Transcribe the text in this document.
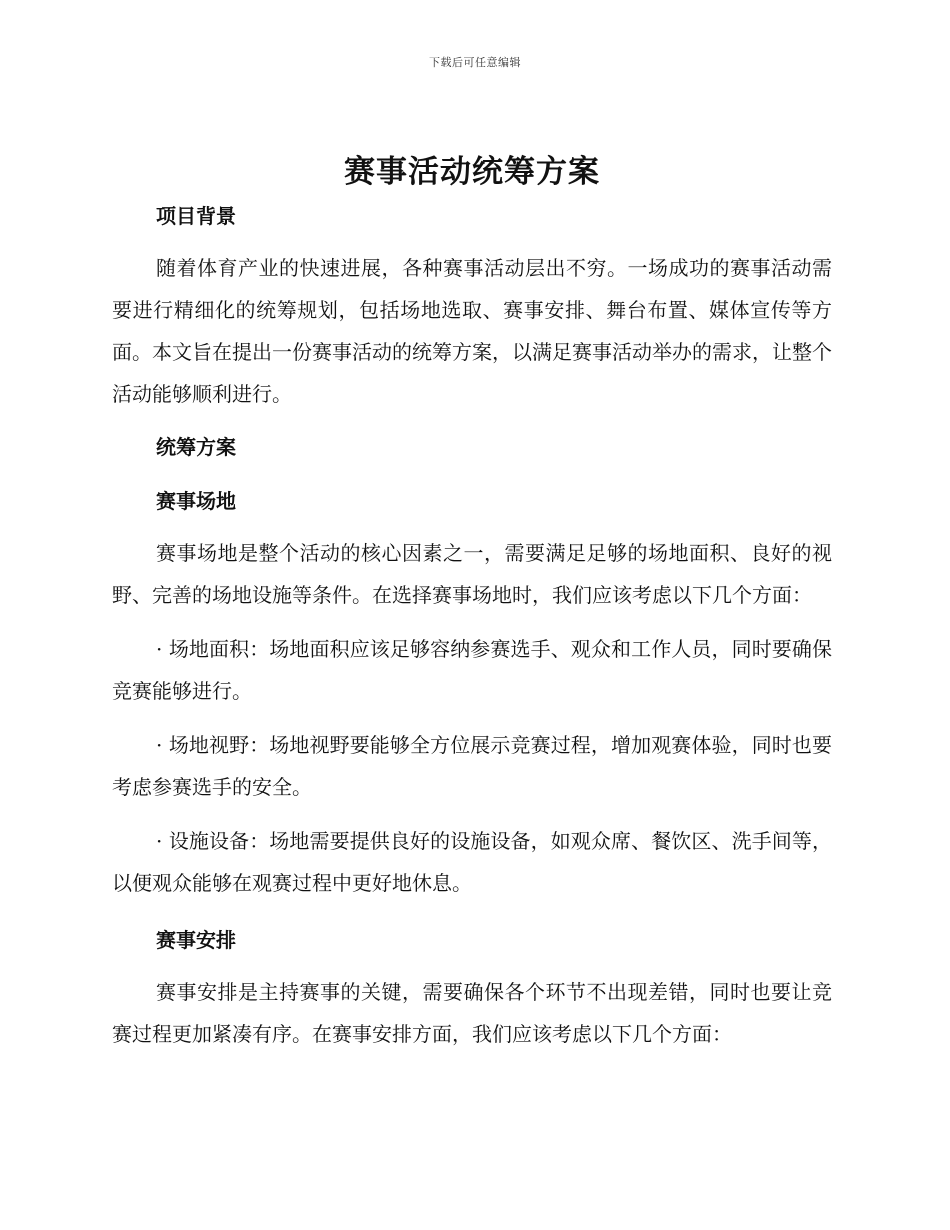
下载后可任意编辑
赛事活动统筹方案
项目背景

随着体育产业的快速进展，各种赛事活动层出不穷。一场成功的赛事活动需要进行精细化的统筹规划，包括场地选取、赛事安排、舞台布置、媒体宣传等方面。本文旨在提出一份赛事活动的统筹方案，以满足赛事活动举办的需求，让整个活动能够顺利进行。

统筹方案
赛事场地

赛事场地是整个活动的核心因素之一，需要满足足够的场地面积、良好的视野、完善的场地设施等条件。在选择赛事场地时，我们应该考虑以下几个方面：

· 场地面积：场地面积应该足够容纳参赛选手、观众和工作人员，同时要确保竞赛能够进行。

· 场地视野：场地视野要能够全方位展示竞赛过程，增加观赛体验，同时也要考虑参赛选手的安全。

· 设施设备：场地需要提供良好的设施设备，如观众席、餐饮区、洗手间等，以便观众能够在观赛过程中更好地休息。

赛事安排

赛事安排是主持赛事的关键，需要确保各个环节不出现差错，同时也要让竞赛过程更加紧凑有序。在赛事安排方面，我们应该考虑以下几个方面：
